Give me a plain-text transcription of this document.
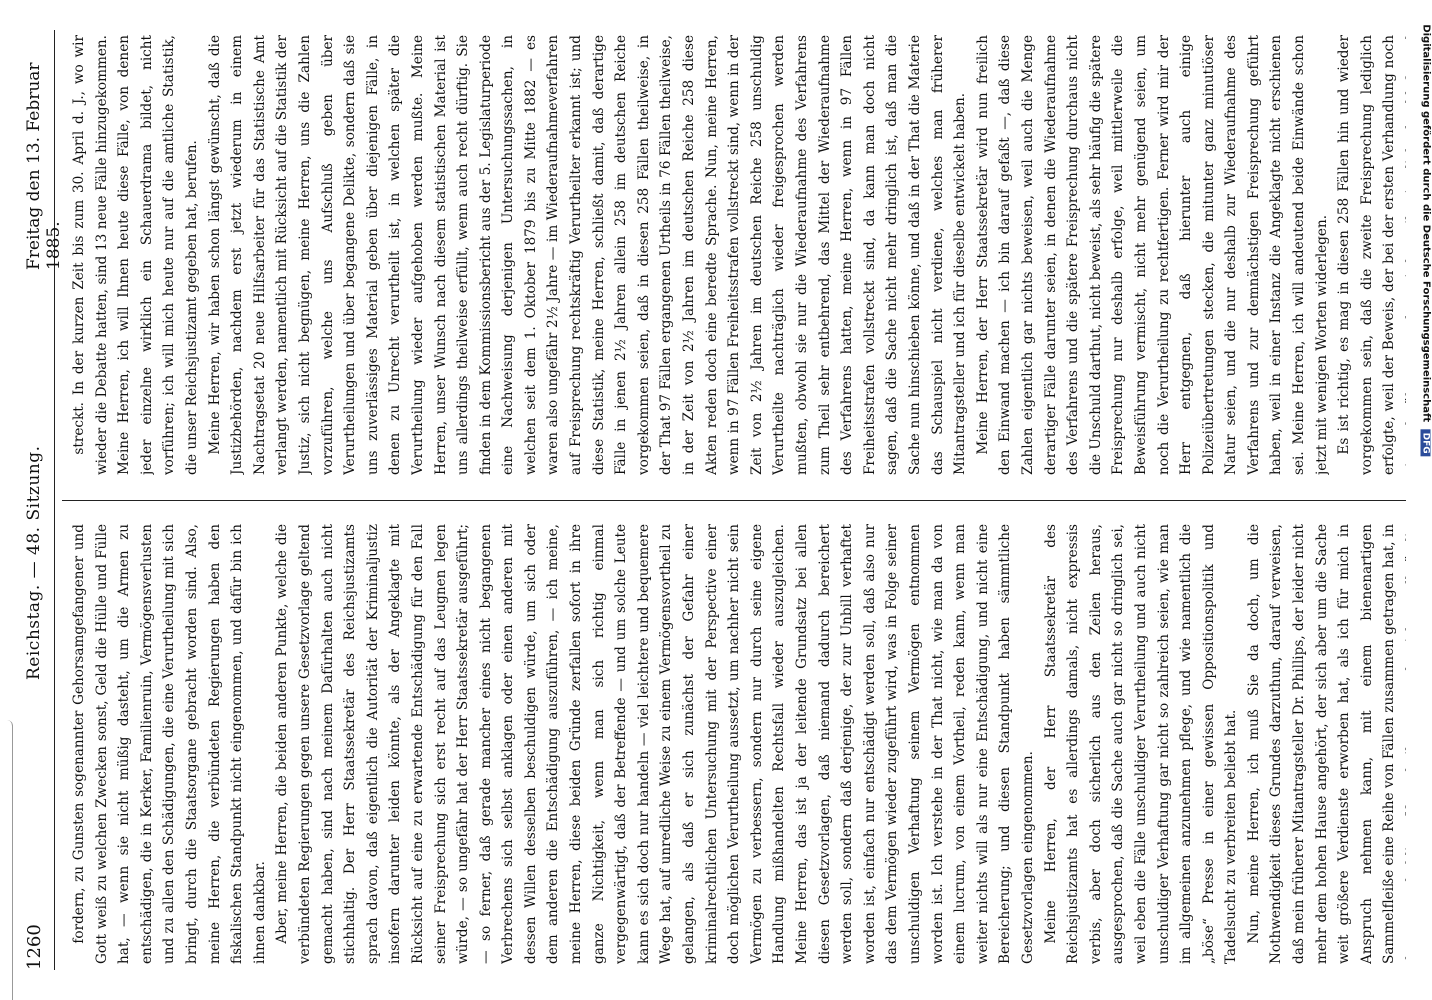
1260
Reichstag. — 48. Sitzung.
Freitag den 13. Februar 1885.

fordern, zu Gunsten sogenannter Gehorsamgefangener und Gott weiß zu welchen Zwecken sonst, Geld die Hülle und Fülle hat, — wenn sie nicht müßig dasteht, um die Armen zu entschädigen, die in Kerker, Familienruin, Vermögensverlusten und zu allen den Schädigungen, die eine Verurtheilung mit sich bringt, durch die Staatsorgane gebracht worden sind. Also, meine Herren, die verbündeten Regierungen haben den fiskalischen Standpunkt nicht eingenommen, und dafür bin ich ihnen dankbar. Aber, meine Herren, die beiden anderen Punkte, welche die verbündeten Regierungen gegen unsere Gesetzvorlage geltend gemacht haben, sind nach meinem Dafürhalten auch nicht stichhaltig. Der Herr Staatssekretär des Reichsjustizamts sprach davon, daß eigentlich die Autorität der Kriminaljustiz insofern darunter leiden könnte, als der Angeklagte mit Rücksicht auf eine zu erwartende Entschädigung für den Fall seiner Freisprechung sich erst recht auf das Leugnen legen würde, — so ungefähr hat der Herr Staatssekretär ausgeführt; — so ferner, daß gerade mancher eines nicht begangenen Verbrechens sich selbst anklagen oder einen anderen mit dessen Willen desselben beschuldigen würde, um sich oder dem anderen die Entschädigung auszuführen, — ich meine, meine Herren, diese beiden Gründe zerfallen sofort in ihre ganze Nichtigkeit, wenn man sich richtig einmal vergegenwärtigt, daß der Betreffende — und um solche Leute kann es sich doch nur handeln — viel leichtere und bequemere Wege hat, auf unredliche Weise zu einem Vermögensvortheil zu gelangen, als daß er sich zunächst der Gefahr einer kriminalrechtlichen Untersuchung mit der Perspective einer doch möglichen Verurtheilung aussetzt, um nachher nicht sein Vermögen zu verbessern, sondern nur durch seine eigene Handlung mißhandelten Rechtsfall wieder auszugleichen. Meine Herren, das ist ja der leitende Grundsatz bei allen diesen Gesetzvorlagen, daß niemand dadurch bereichert werden soll, sondern daß derjenige, der zur Unbill verhaftet worden ist, einfach nur entschädigt werden soll, daß also nur das dem Vermögen wieder zugeführt wird, was in Folge seiner unschuldigen Verhaftung seinem Vermögen entnommen worden ist. Ich verstehe in der That nicht, wie man da von einem lucrum, von einem Vortheil, reden kann, wenn man weiter nichts will als nur eine Entschädigung, und nicht eine Bereicherung; und diesen Standpunkt haben sämmtliche Gesetzvorlagen eingenommen. Meine Herren, der Herr Staatssekretär des Reichsjustizamts hat es allerdings damals, nicht expressis verbis, aber doch sicherlich aus den Zeilen heraus, ausgesprochen, daß die Sache auch gar nicht so dringlich sei, weil eben die Fälle unschuldiger Verurtheilung und auch nicht unschuldiger Verhaftung gar nicht so zahlreich seien, wie man im allgemeinen anzunehmen pflege, und wie namentlich die „böse“ Presse in einer gewissen Oppositionspolitik und Tadelsucht zu verbreiten beliebt hat. Nun, meine Herren, ich muß Sie da doch, um die Nothwendigkeit dieses Grundes darzuthun, darauf verweisen, daß mein früherer Mitantragsteller Dr. Phillips, der leider nicht mehr dem hohen Hause angehört, der sich aber um die Sache weit größere Verdienste erworben hat, als ich für mich in Anspruch nehmen kann, mit einem bienenartigen Sammelfleiße eine Reihe von Fällen zusammen getragen hat, in

streckt. In der kurzen Zeit bis zum 30. April d. J., wo wir wieder die Debatte hatten, sind 13 neue Fälle hinzugekommen. Meine Herren, ich will Ihnen heute diese Fälle, von denen jeder einzelne wirklich ein Schauerdrama bildet, nicht vorführen; ich will mich heute nur auf die amtliche Statistik, die unser Reichsjustizamt gegeben hat, berufen. Meine Herren, wir haben schon längst gewünscht, daß die Justizbehörden, nachdem erst jetzt wiederum in einem Nachtragsetat 20 neue Hilfsarbeiter für das Statistische Amt verlangt werden, namentlich mit Rücksicht auf die Statistik der Justiz, sich nicht begnügen, meine Herren, uns die Zahlen vorzuführen, welche uns Aufschluß geben über Verurtheilungen und über begangene Delikte, sondern daß sie uns zuverlässiges Material geben über diejenigen Fälle, in denen zu Unrecht verurtheilt ist, in welchen später die Verurtheilung wieder aufgehoben werden mußte. Meine Herren, unser Wunsch nach diesem statistischen Material ist uns allerdings theilweise erfüllt, wenn auch recht dürftig. Sie finden in dem Kommissionsbericht aus der 5. Legislaturperiode eine Nachweisung derjenigen Untersuchungssachen, in welchen seit dem 1. Oktober 1879 bis zu Mitte 1882 — es waren also ungefähr 2½ Jahre — im Wiederaufnahmeverfahren auf Freisprechung rechtskräftig Verurtheilter erkannt ist; und diese Statistik, meine Herren, schließt damit, daß derartige Fälle in jenen 2½ Jahren allein 258 im deutschen Reiche vorgekommen seien, daß in diesen 258 Fällen theilweise, in der That 97 Fällen ergangenen Urtheils in 76 Fällen theilweise, in der Zeit von 2½ Jahren im deutschen Reiche 258 diese Akten reden doch eine beredte Sprache. Nun, meine Herren, wenn in 97 Fällen Freiheitsstrafen vollstreckt sind, wenn in der Zeit von 2½ Jahren im deutschen Reiche 258 unschuldig Verurtheilte nachträglich wieder freigesprochen werden mußten, obwohl sie nur die Wiederaufnahme des Verfahrens zum Theil sehr entbehrend, das Mittel der Wiederaufnahme des Verfahrens hatten, meine Herren, wenn in 97 Fällen Freiheitsstrafen vollstreckt sind, da kann man doch nicht sagen, daß die Sache nicht mehr dringlich ist, daß man die Sache nun hinschieben könne, und daß in der That die Materie das Schauspiel nicht verdiene, welches man früherer Mitantragsteller und ich für dieselbe entwickelt haben. Meine Herren, der Herr Staatssekretär wird nun freilich den Einwand machen — ich bin darauf gefaßt —, daß diese Zahlen eigentlich gar nichts beweisen, weil auch die Menge derartiger Fälle darunter seien, in denen die Wiederaufnahme des Verfahrens und die spätere Freisprechung durchaus nicht die Unschuld darthut, nicht beweist, als sehr häufig die spätere Freisprechung nur deshalb erfolge, weil mittlerweile die Beweisführung vermischt, nicht mehr genügend seien, um noch die Verurtheilung zu rechtfertigen. Ferner wird mir der Herr entgegnen, daß hierunter auch einige Polizeiübertretungen stecken, die mitunter ganz minutiöser Natur seien, und die nur deshalb zur Wiederaufnahme des Verfahrens und zur demnächstigen Freisprechung geführt haben, weil in einer Instanz die Angeklagte nicht erschienen sei. Meine Herren, ich will andeutend beide Einwände schon jetzt mit wenigen Worten widerlegen. Es ist richtig, es mag in diesen 258 Fällen hin und wieder vorgekommen sein, daß die zweite Freisprechung lediglich erfolgte, weil der Beweis, der bei der ersten Verhandlung noch	Digitalisierung gefördert durch die Deutsche Forschungsgemeinschaft DFG
